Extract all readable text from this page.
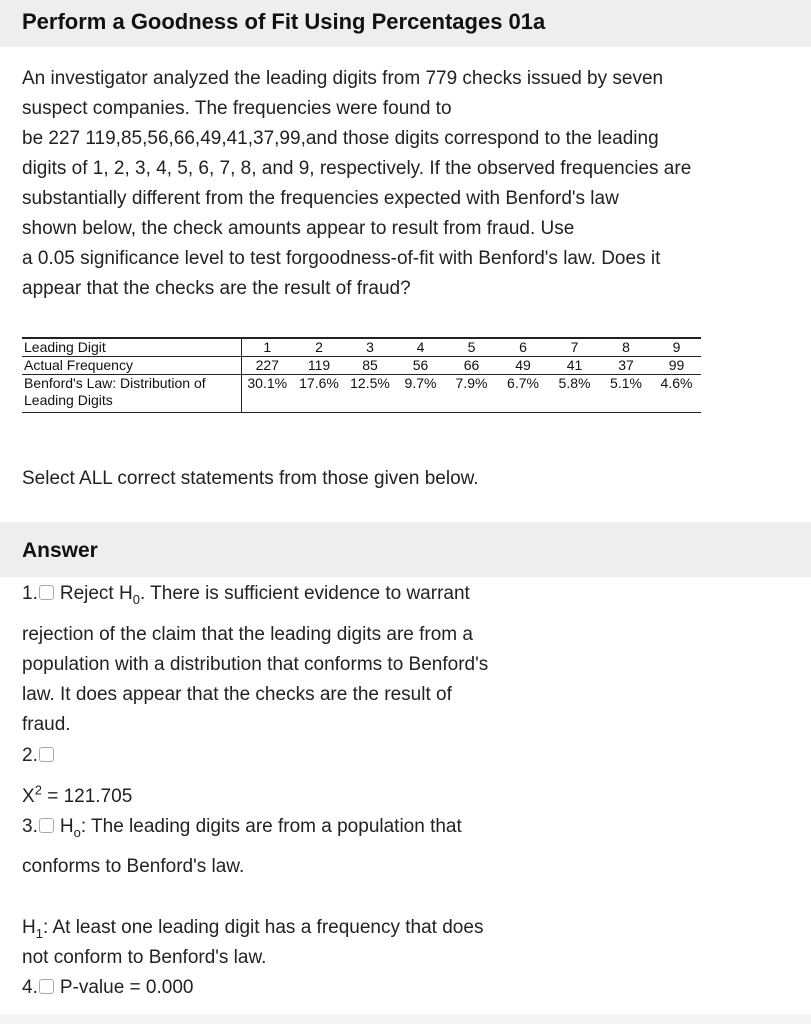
Perform a Goodness of Fit Using Percentages 01a
An investigator analyzed the leading digits from 779 checks issued by seven
suspect companies. The frequencies were found to
be 227 119,85,56,66,49,41,37,99,and those digits correspond to the leading
digits of 1, 2, 3, 4, 5, 6, 7, 8, and 9, respectively. If the observed frequencies are
substantially different from the frequencies expected with Benford's law
shown below, the check amounts appear to result from fraud. Use
a 0.05 significance level to test forgoodness-of-fit with Benford's law. Does it
appear that the checks are the result of fraud?
Leading Digit	1	2	3	4	5	6	7	8	9
Actual Frequency	227	119	85	56	66	49	41	37	99
Benford's Law: Distribution of	30.1%	17.6%	12.5%	9.7%	7.9%	6.7%	5.8%	5.1%	4.6%
Leading Digits									
Select ALL correct statements from those given below.
Answer
1. Reject $H_0$. There is sufficient evidence to warrant
rejection of the claim that the leading digits are from a
population with a distribution that conforms to Benford's
law. It does appear that the checks are the result of
fraud.
2.
$X^2 = 121.705$
3. $H_o$: The leading digits are from a population that
conforms to Benford's law.
$H_1$: At least one leading digit has a frequency that does
not conform to Benford's law.
4. P-value = 0.000
